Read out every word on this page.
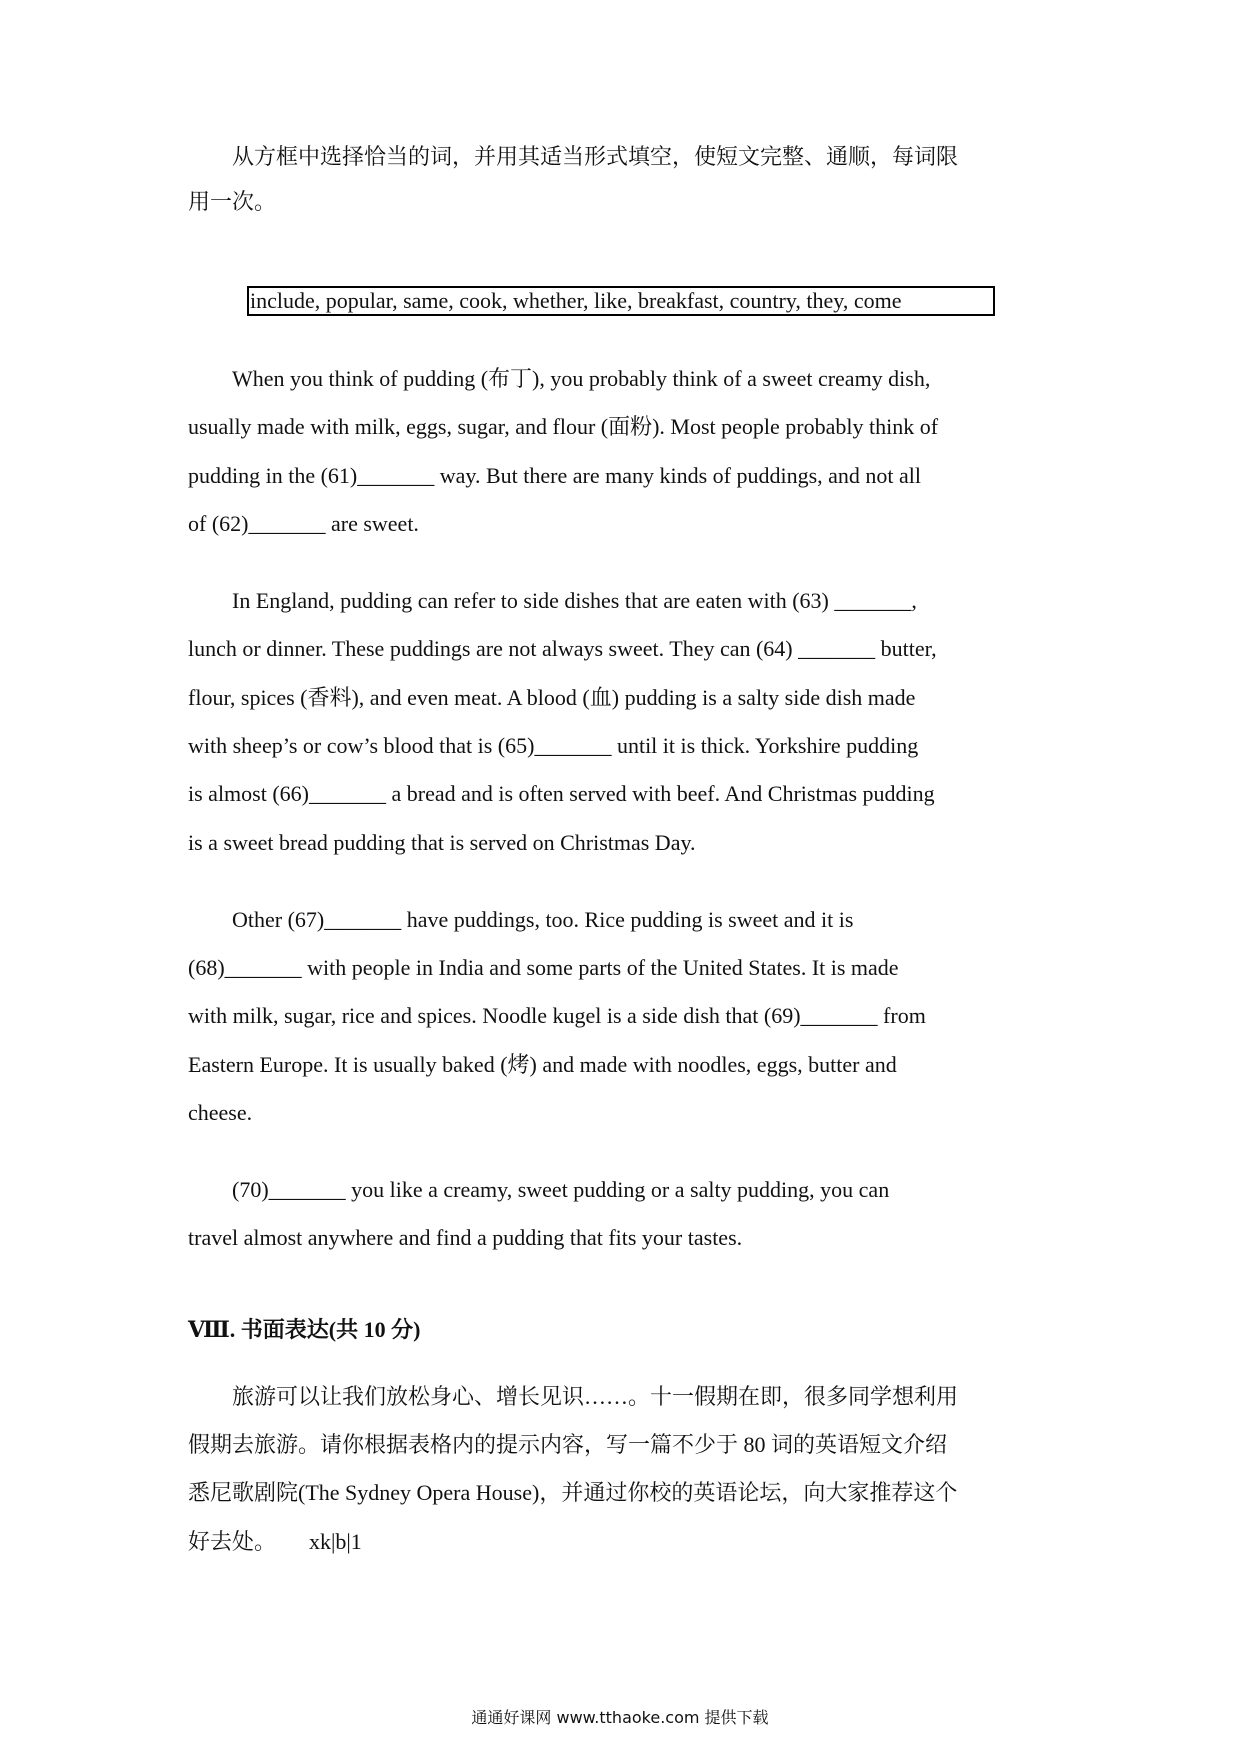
从方框中选择恰当的词，并用其适当形式填空，使短文完整、通顺，每词限
用一次。
include, popular, same, cook, whether, like, breakfast, country, they, come
When you think of pudding (布丁), you probably think of a sweet creamy dish,
usually made with milk, eggs, sugar, and flour (面粉). Most people probably think of
pudding in the (61)_______ way. But there are many kinds of puddings, and not all
of (62)_______ are sweet.
In England, pudding can refer to side dishes that are eaten with (63) _______,
lunch or dinner. These puddings are not always sweet. They can (64) _______ butter,
flour, spices (香料), and even meat. A blood (血) pudding is a salty side dish made
with sheep’s or cow’s blood that is (65)_______ until it is thick. Yorkshire pudding
is almost (66)_______ a bread and is often served with beef. And Christmas pudding
is a sweet bread pudding that is served on Christmas Day.
Other (67)_______ have puddings, too. Rice pudding is sweet and it is
(68)_______ with people in India and some parts of the United States. It is made
with milk, sugar, rice and spices. Noodle kugel is a side dish that (69)_______ from
Eastern Europe. It is usually baked (烤) and made with noodles, eggs, butter and
cheese.
(70)_______ you like a creamy, sweet pudding or a salty pudding, you can
travel almost anywhere and find a pudding that fits your tastes.
Ⅷ. 书面表达(共 10 分)
旅游可以让我们放松身心、增长见识……。十一假期在即，很多同学想利用
假期去旅游。请你根据表格内的提示内容，写一篇不少于 80 词的英语短文介绍
悉尼歌剧院(The Sydney Opera House)，并通过你校的英语论坛，向大家推荐这个
好去处。      xk|b|1
通通好课网 www.tthaoke.com 提供下载
